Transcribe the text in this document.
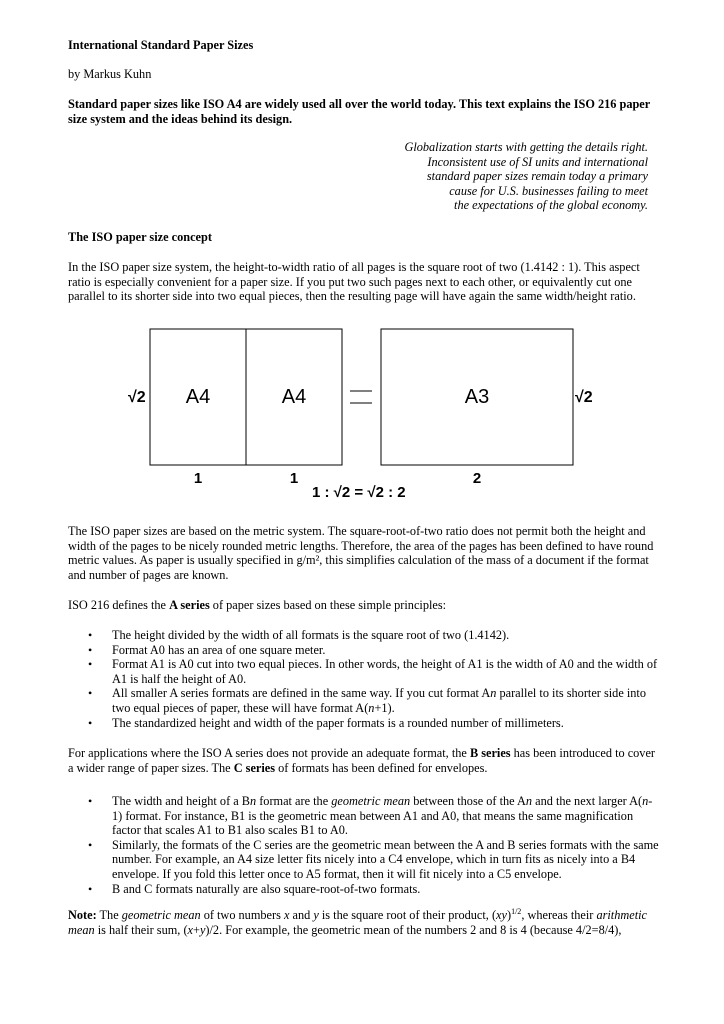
International Standard Paper Sizes

by Markus Kuhn

Standard paper sizes like ISO A4 are widely used all over the world today. This text explains the ISO 216 paper size system and the ideas behind its design.

Globalization starts with getting the details right.
Inconsistent use of SI units and international
standard paper sizes remain today a primary
cause for U.S. businesses failing to meet
the expectations of the global economy.

The ISO paper size concept

In the ISO paper size system, the height-to-width ratio of all pages is the square root of two (1.4142 : 1). This aspect ratio is especially convenient for a paper size. If you put two such pages next to each other, or equivalently cut one parallel to its shorter side into two equal pieces, then the resulting page will have again the same width/height ratio.

The ISO paper sizes are based on the metric system. The square-root-of-two ratio does not permit both the height and width of the pages to be nicely rounded metric lengths. Therefore, the area of the pages has been defined to have round metric values. As paper is usually specified in g/m², this simplifies calculation of the mass of a document if the format and number of pages are known.

ISO 216 defines the A series of paper sizes based on these simple principles:

• The height divided by the width of all formats is the square root of two (1.4142).
• Format A0 has an area of one square meter.
• Format A1 is A0 cut into two equal pieces. In other words, the height of A1 is the width of A0 and the width of A1 is half the height of A0.
• All smaller A series formats are defined in the same way. If you cut format An parallel to its shorter side into two equal pieces of paper, these will have format A(n+1).
• The standardized height and width of the paper formats is a rounded number of millimeters.

For applications where the ISO A series does not provide an adequate format, the B series has been introduced to cover a wider range of paper sizes. The C series of formats has been defined for envelopes.

• The width and height of a Bn format are the geometric mean between those of the An and the next larger A(n-1) format. For instance, B1 is the geometric mean between A1 and A0, that means the same magnification factor that scales A1 to B1 also scales B1 to A0.
• Similarly, the formats of the C series are the geometric mean between the A and B series formats with the same number. For example, an A4 size letter fits nicely into a C4 envelope, which in turn fits as nicely into a B4 envelope. If you fold this letter once to A5 format, then it will fit nicely into a C5 envelope.
• B and C formats naturally are also square-root-of-two formats.

Note: The geometric mean of two numbers x and y is the square root of their product, (xy)$^{1/2}$, whereas their arithmetic mean is half their sum, (x+y)/2. For example, the geometric mean of the numbers 2 and 8 is 4 (because 4/2=8/4),

√2 A4	A4	A3	√2
1	1	2
1 : √2 = √2 : 2
